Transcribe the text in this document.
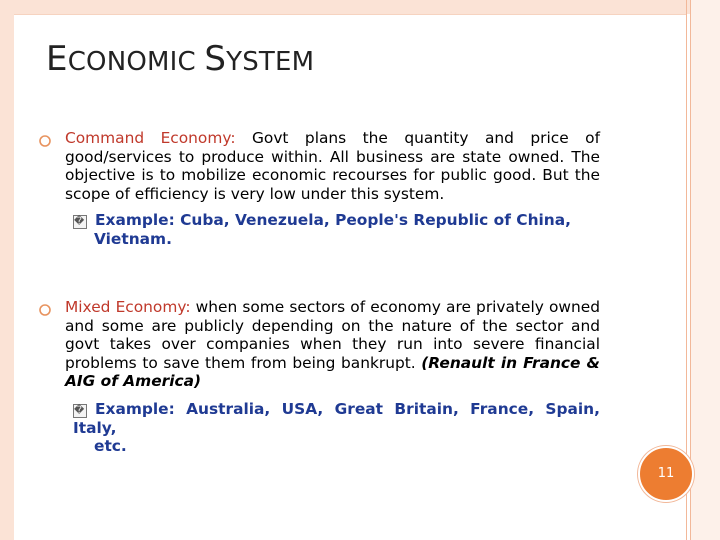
ECONOMIC SYSTEM
Command Economy: Govt plans the quantity and price of good/services to produce within. All business are state owned. The objective is to mobilize economic recourses for public good. But the scope of efficiency is very low under this system.
� Example: Cuba, Venezuela, People's Republic of China,
Vietnam.
Mixed Economy: when some sectors of economy are privately owned and some are publicly depending on the nature of the sector and govt takes over companies when they run into severe financial problems to save them from being bankrupt. (Renault in France & AIG of America)
� Example: Australia, USA, Great Britain, France, Spain, Italy,
etc.
11
